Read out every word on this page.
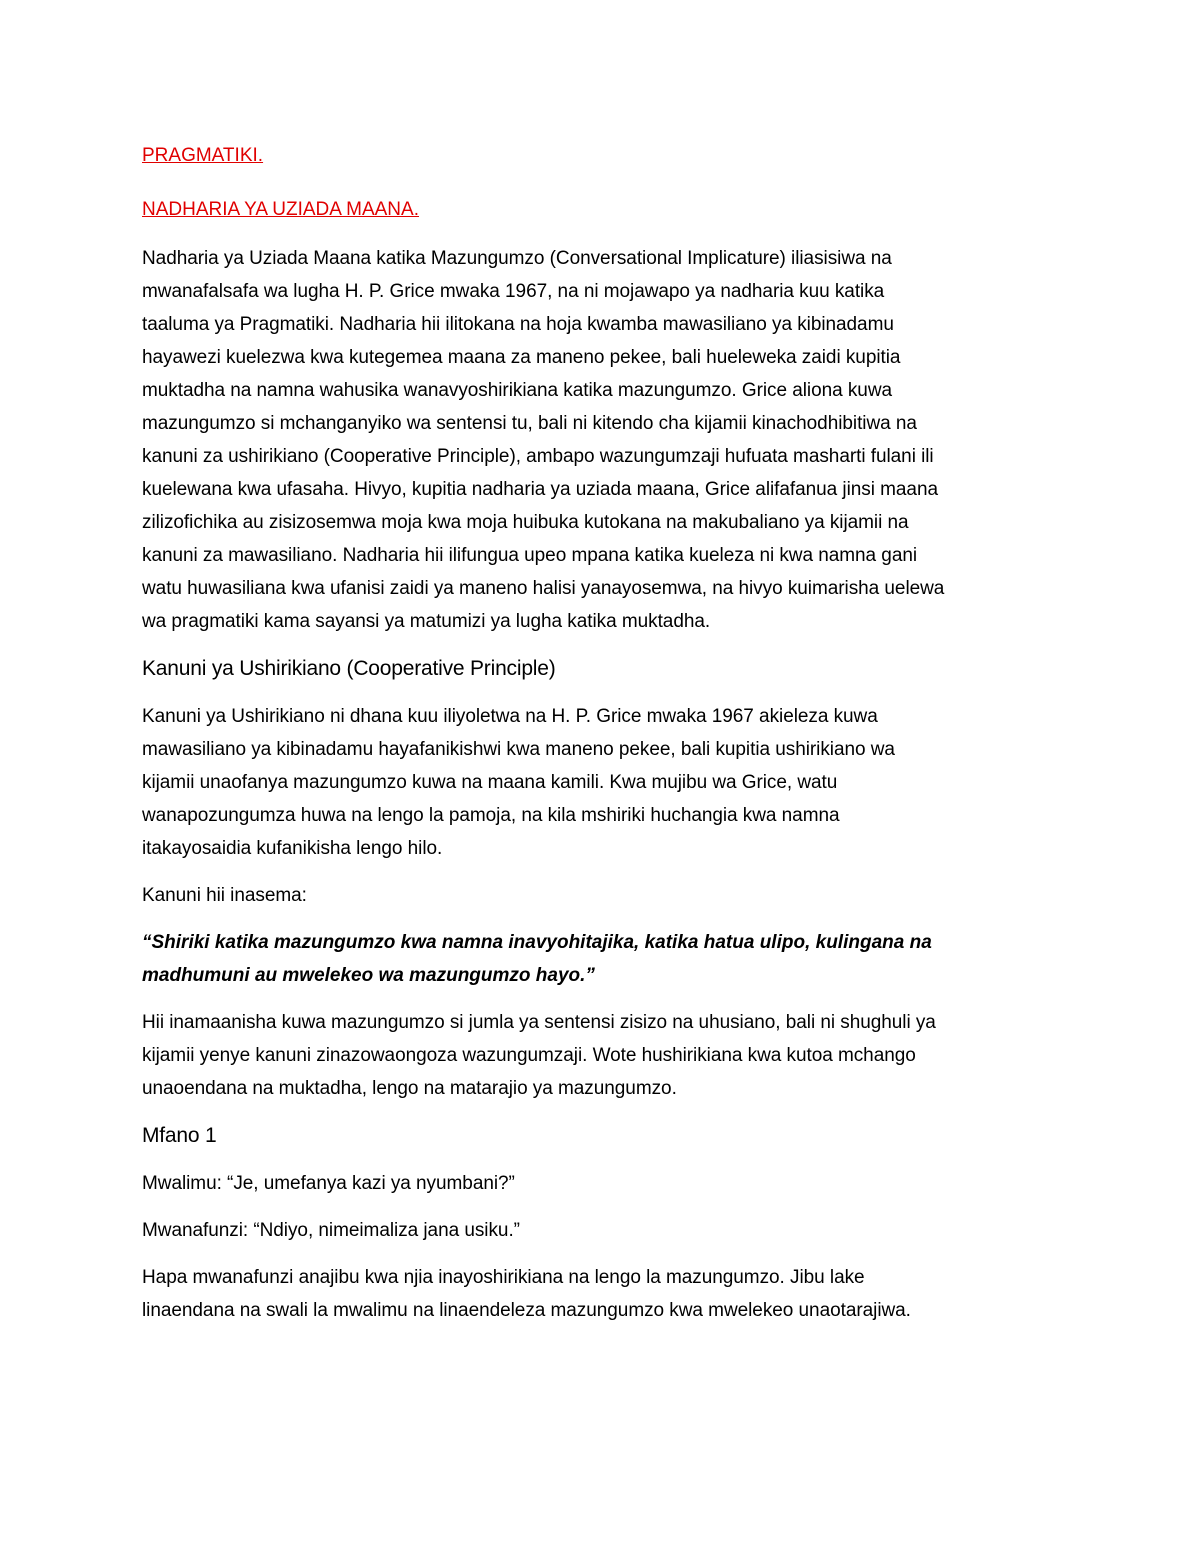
PRAGMATIKI.

NADHARIA YA UZIADA MAANA.

Nadharia ya Uziada Maana katika Mazungumzo (Conversational Implicature) iliasisiwa na
mwanafalsafa wa lugha H. P. Grice mwaka 1967, na ni mojawapo ya nadharia kuu katika
taaluma ya Pragmatiki. Nadharia hii ilitokana na hoja kwamba mawasiliano ya kibinadamu
hayawezi kuelezwa kwa kutegemea maana za maneno pekee, bali hueleweka zaidi kupitia
muktadha na namna wahusika wanavyoshirikiana katika mazungumzo. Grice aliona kuwa
mazungumzo si mchanganyiko wa sentensi tu, bali ni kitendo cha kijamii kinachodhibitiwa na
kanuni za ushirikiano (Cooperative Principle), ambapo wazungumzaji hufuata masharti fulani ili
kuelewana kwa ufasaha. Hivyo, kupitia nadharia ya uziada maana, Grice alifafanua jinsi maana
zilizofichika au zisizosemwa moja kwa moja huibuka kutokana na makubaliano ya kijamii na
kanuni za mawasiliano. Nadharia hii ilifungua upeo mpana katika kueleza ni kwa namna gani
watu huwasiliana kwa ufanisi zaidi ya maneno halisi yanayosemwa, na hivyo kuimarisha uelewa
wa pragmatiki kama sayansi ya matumizi ya lugha katika muktadha.

Kanuni ya Ushirikiano (Cooperative Principle)

Kanuni ya Ushirikiano ni dhana kuu iliyoletwa na H. P. Grice mwaka 1967 akieleza kuwa
mawasiliano ya kibinadamu hayafanikishwi kwa maneno pekee, bali kupitia ushirikiano wa
kijamii unaofanya mazungumzo kuwa na maana kamili. Kwa mujibu wa Grice, watu
wanapozungumza huwa na lengo la pamoja, na kila mshiriki huchangia kwa namna
itakayosaidia kufanikisha lengo hilo.

Kanuni hii inasema:

“Shiriki katika mazungumzo kwa namna inavyohitajika, katika hatua ulipo, kulingana na
madhumuni au mwelekeo wa mazungumzo hayo.”

Hii inamaanisha kuwa mazungumzo si jumla ya sentensi zisizo na uhusiano, bali ni shughuli ya
kijamii yenye kanuni zinazowaongoza wazungumzaji. Wote hushirikiana kwa kutoa mchango
unaoendana na muktadha, lengo na matarajio ya mazungumzo.

Mfano 1

Mwalimu: “Je, umefanya kazi ya nyumbani?”

Mwanafunzi: “Ndiyo, nimeimaliza jana usiku.”

Hapa mwanafunzi anajibu kwa njia inayoshirikiana na lengo la mazungumzo. Jibu lake
linaendana na swali la mwalimu na linaendeleza mazungumzo kwa mwelekeo unaotarajiwa.
